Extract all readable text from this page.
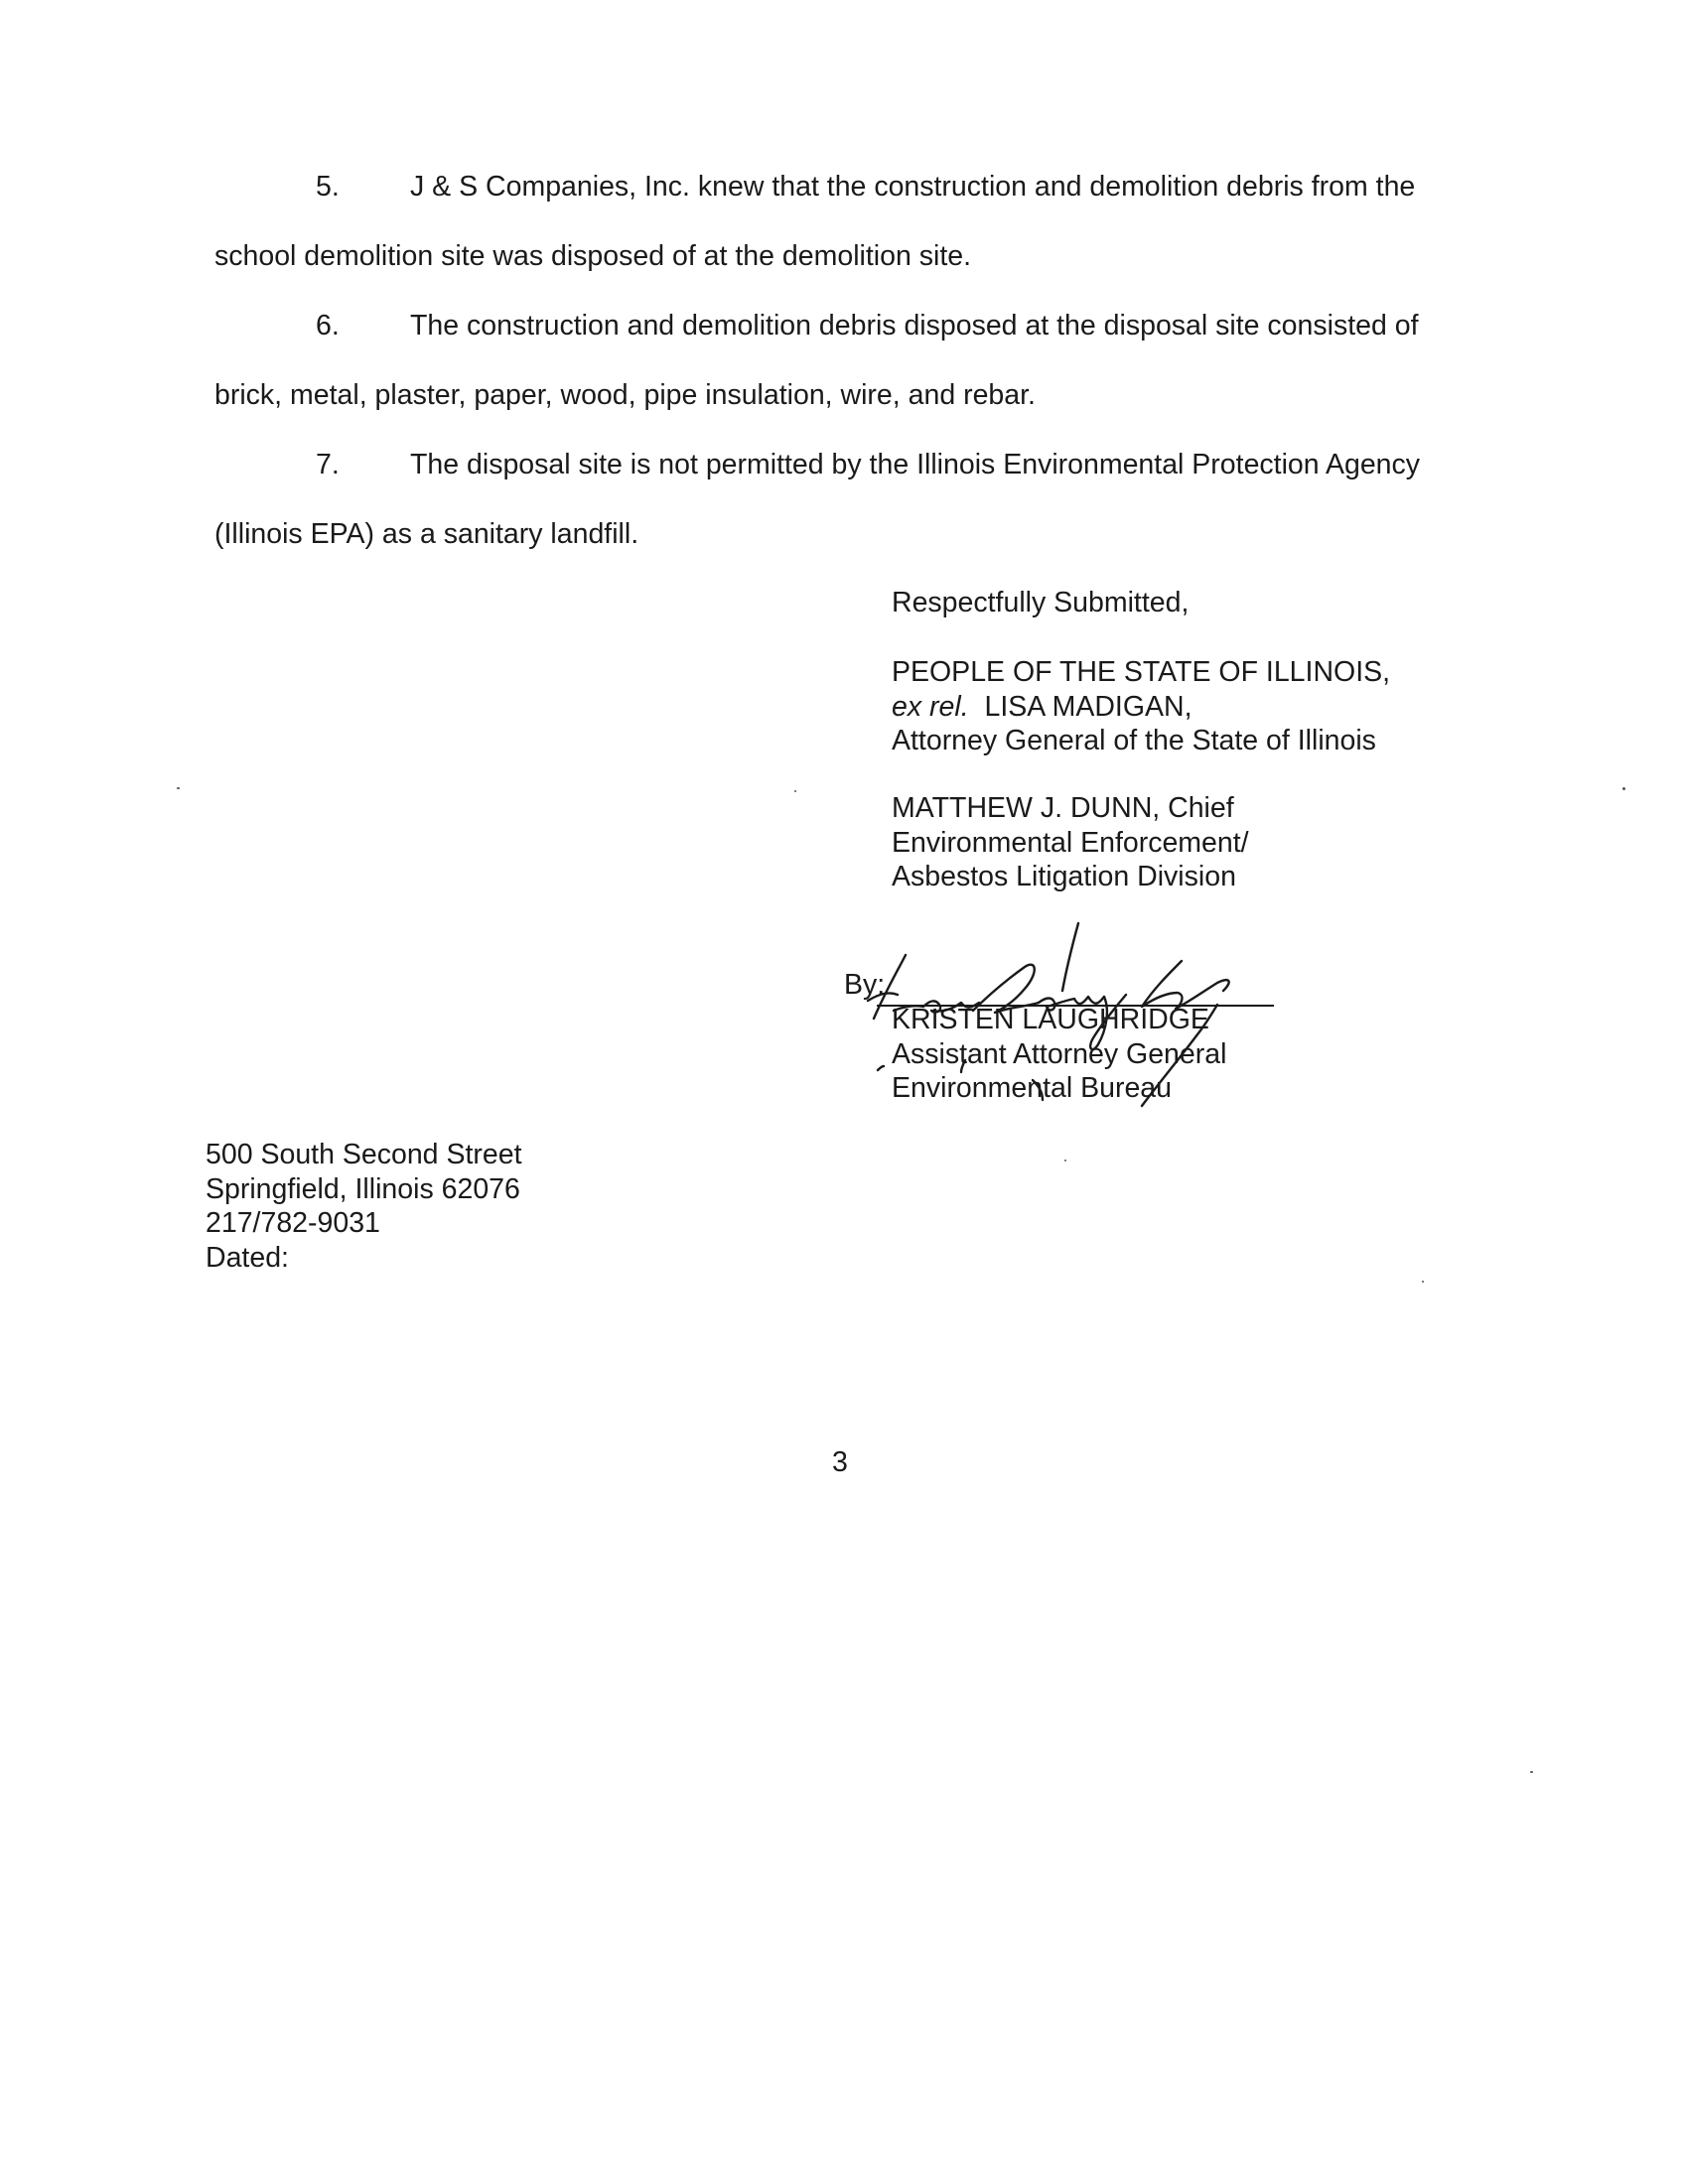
5. J & S Companies, Inc. knew that the construction and demolition debris from the
school demolition site was disposed of at the demolition site.
6. The construction and demolition debris disposed at the disposal site consisted of
brick, metal, plaster, paper, wood, pipe insulation, wire, and rebar.
7. The disposal site is not permitted by the Illinois Environmental Protection Agency
(Illinois EPA) as a sanitary landfill.
Respectfully Submitted,
PEOPLE OF THE STATE OF ILLINOIS,
ex rel. LISA MADIGAN,
Attorney General of the State of Illinois
MATTHEW J. DUNN, Chief
Environmental Enforcement/
Asbestos Litigation Division
By:
KRISTEN LAUGHRIDGE
Assistant Attorney General
Environmental Bureau
500 South Second Street
Springfield, Illinois 62076
217/782-9031
Dated:
3
